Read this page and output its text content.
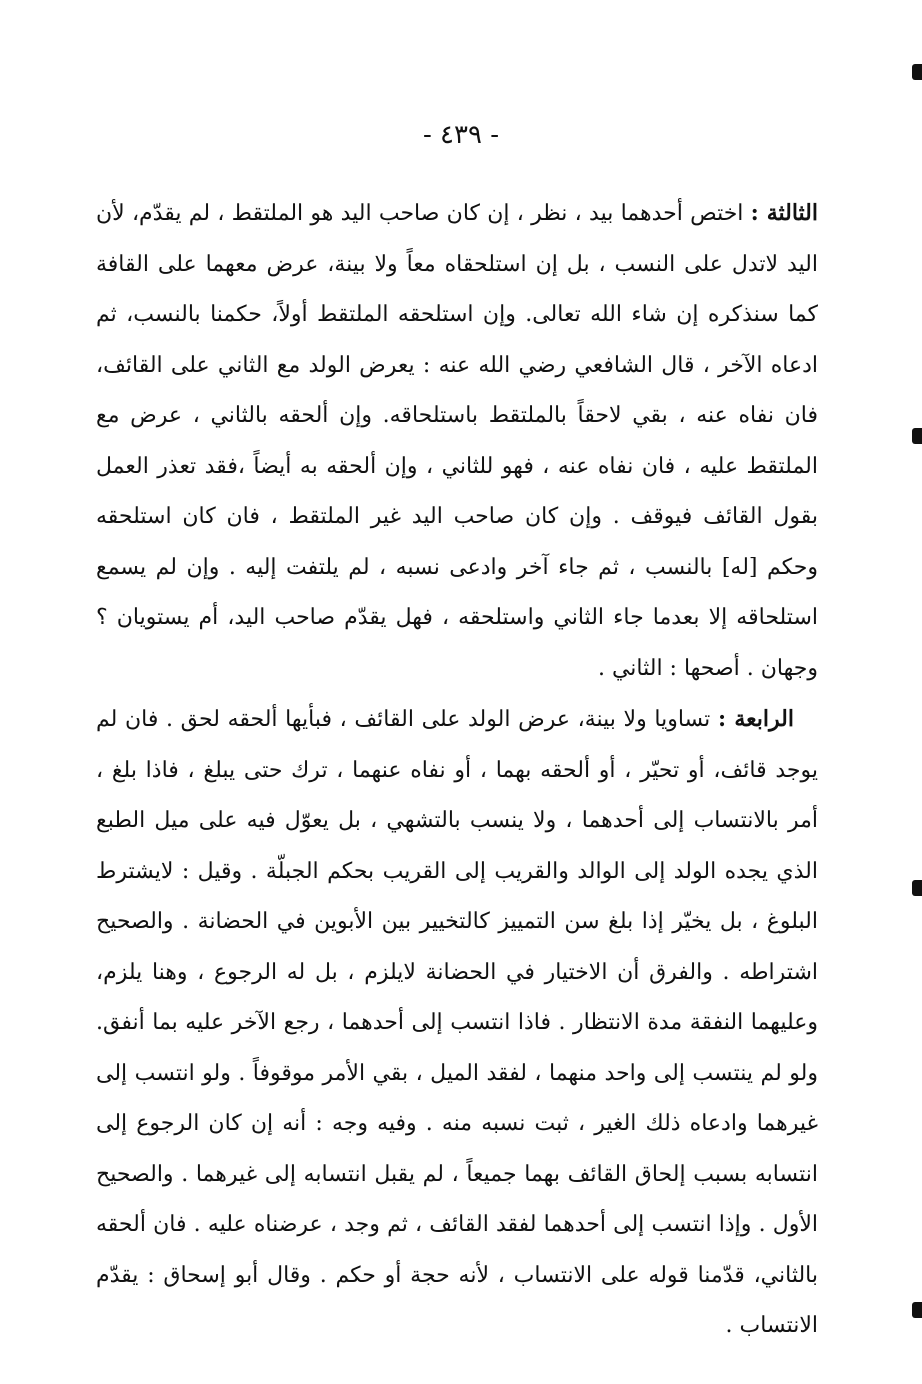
- ٤٣٩ -

الثالثة : اختص أحدهما بيد ، نظر ، إن كان صاحب اليد هو الملتقط ، لم يقدّم، لأن اليد لاتدل على النسب ، بل إن استلحقاه معاً ولا بينة، عرض معهما على القافة كما سنذكره إن شاء الله تعالى. وإن استلحقه الملتقط أولاً، حكمنا بالنسب، ثم ادعاه الآخر ، قال الشافعي رضي الله عنه : يعرض الولد مع الثاني على القائف، فان نفاه عنه ، بقي لاحقاً بالملتقط باستلحاقه. وإن ألحقه بالثاني ، عرض مع الملتقط عليه ، فان نفاه عنه ، فهو للثاني ، وإن ألحقه به أيضاً ،فقد تعذر العمل بقول القائف فيوقف . وإن كان صاحب اليد غير الملتقط ، فان كان استلحقه وحكم [له] بالنسب ، ثم جاء آخر وادعى نسبه ، لم يلتفت إليه . وإن لم يسمع استلحاقه إلا بعدما جاء الثاني واستلحقه ، فهل يقدّم صاحب اليد، أم يستويان ؟ وجهان . أصحها : الثاني .

الرابعة : تساويا ولا بينة، عرض الولد على القائف ، فبأيها ألحقه لحق . فان لم يوجد قائف، أو تحيّر ، أو ألحقه بهما ، أو نفاه عنهما ، ترك حتى يبلغ ، فاذا بلغ ، أمر بالانتساب إلى أحدهما ، ولا ينسب بالتشهي ، بل يعوّل فيه على ميل الطبع الذي يجده الولد إلى الوالد والقريب إلى القريب بحكم الجبلّة . وقيل : لايشترط البلوغ ، بل يخيّر إذا بلغ سن التمييز كالتخيير بين الأبوين في الحضانة . والصحيح اشتراطه . والفرق أن الاختيار في الحضانة لايلزم ، بل له الرجوع ، وهنا يلزم، وعليهما النفقة مدة الانتظار . فاذا انتسب إلى أحدهما ، رجع الآخر عليه بما أنفق. ولو لم ينتسب إلى واحد منهما ، لفقد الميل ، بقي الأمر موقوفاً . ولو انتسب إلى غيرهما وادعاه ذلك الغير ، ثبت نسبه منه . وفيه وجه : أنه إن كان الرجوع إلى انتسابه بسبب إلحاق القائف بهما جميعاً ، لم يقبل انتسابه إلى غيرهما . والصحيح الأول . وإذا انتسب إلى أحدهما لفقد القائف ، ثم وجد ، عرضناه عليه . فان ألحقه بالثاني، قدّمنا قوله على الانتساب ، لأنه حجة أو حكم . وقال أبو إسحاق : يقدّم الانتساب .
